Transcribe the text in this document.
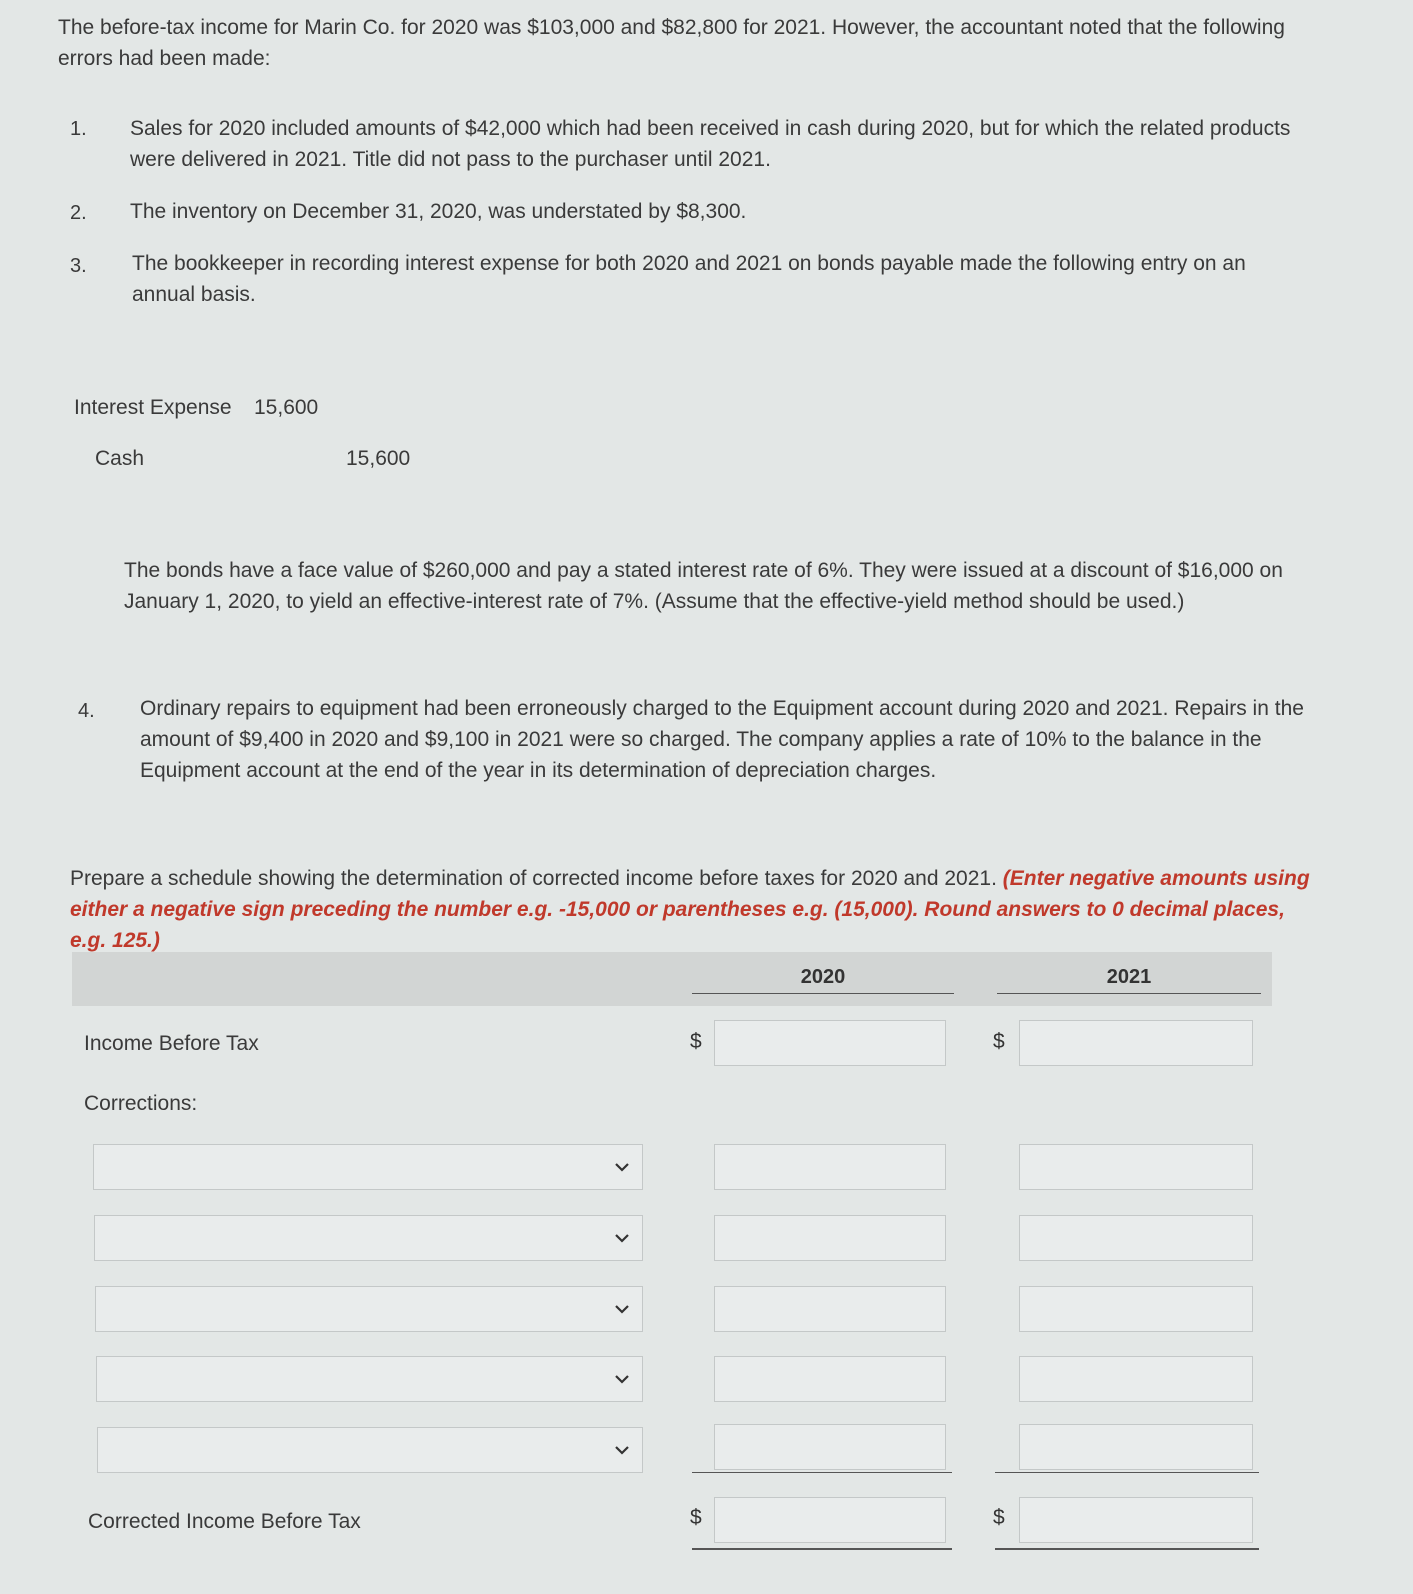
The before-tax income for Marin Co. for 2020 was $103,000 and $82,800 for 2021. However, the accountant noted that the following errors had been made:
1. Sales for 2020 included amounts of $42,000 which had been received in cash during 2020, but for which the related products were delivered in 2021. Title did not pass to the purchaser until 2021.
2. The inventory on December 31, 2020, was understated by $8,300.
3. The bookkeeper in recording interest expense for both 2020 and 2021 on bonds payable made the following entry on an annual basis.
Interest Expense 15,600
Cash	15,600
The bonds have a face value of $260,000 and pay a stated interest rate of 6%. They were issued at a discount of $16,000 on January 1, 2020, to yield an effective-interest rate of 7%. (Assume that the effective-yield method should be used.)
4. Ordinary repairs to equipment had been erroneously charged to the Equipment account during 2020 and 2021. Repairs in the amount of $9,400 in 2020 and $9,100 in 2021 were so charged. The company applies a rate of 10% to the balance in the Equipment account at the end of the year in its determination of depreciation charges.
Prepare a schedule showing the determination of corrected income before taxes for 2020 and 2021. (Enter negative amounts using either a negative sign preceding the number e.g. -15,000 or parentheses e.g. (15,000). Round answers to 0 decimal places, e.g. 125.)
2020	2021
Income Before Tax	$	$
Corrections:
Corrected Income Before Tax	$	$
